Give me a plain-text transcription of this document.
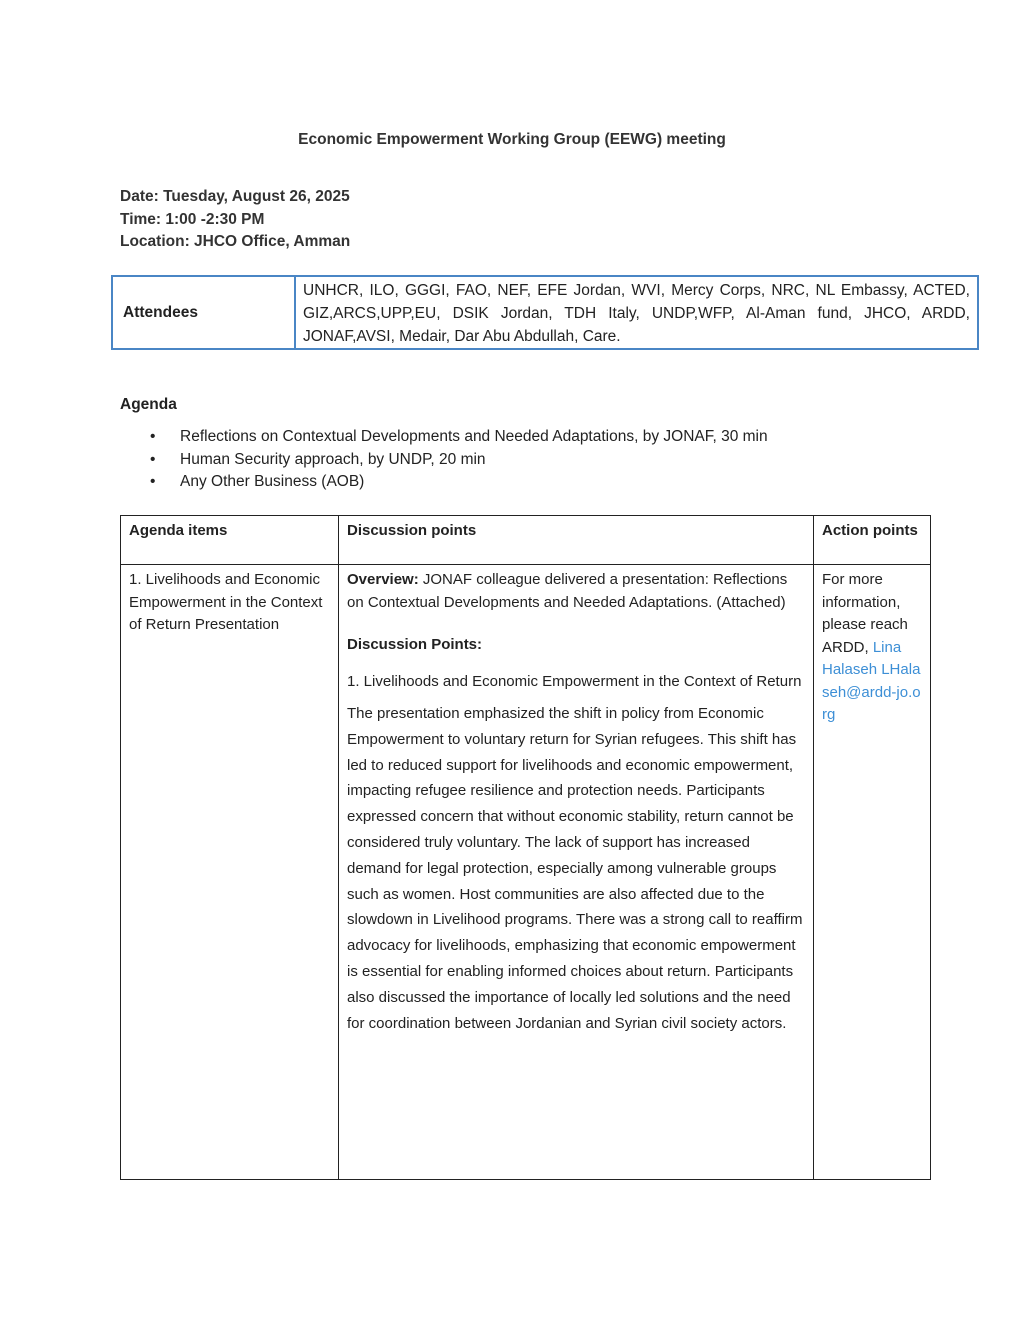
Economic Empowerment Working Group (EEWG) meeting
Date: Tuesday, August 26, 2025
Time: 1:00 -2:30 PM
Location: JHCO Office, Amman
Attendees
UNHCR, ILO, GGGI, FAO, NEF, EFE Jordan, WVI, Mercy Corps, NRC, NL Embassy, ACTED, GIZ,ARCS,UPP,EU, DSIK Jordan, TDH Italy, UNDP,WFP, Al-Aman fund, JHCO, ARDD, JONAF,AVSI, Medair, Dar Abu Abdullah, Care.
Agenda
• Reflections on Contextual Developments and Needed Adaptations, by JONAF, 30 min
• Human Security approach, by UNDP, 20 min
• Any Other Business (AOB)
Agenda items	Discussion points	Action points

1. Livelihoods and Economic Empowerment in the Context of Return Presentation	Overview: JONAF colleague delivered a presentation: Reflections on Contextual Developments and Needed Adaptations. (Attached)

Discussion Points:

1. Livelihoods and Economic Empowerment in the Context of Return

The presentation emphasized the shift in policy from Economic Empowerment to voluntary return for Syrian refugees. This shift has led to reduced support for livelihoods and economic empowerment, impacting refugee resilience and protection needs. Participants expressed concern that without economic stability, return cannot be considered truly voluntary. The lack of support has increased demand for legal protection, especially among vulnerable groups such as women. Host communities are also affected due to the slowdown in Livelihood programs. There was a strong call to reaffirm advocacy for livelihoods, emphasizing that economic empowerment is essential for enabling informed choices about return. Participants also discussed the importance of locally led solutions and the need for coordination between Jordanian and Syrian civil society actors.	For more information, please reach ARDD, Lina Halaseh LHalaseh@ardd-jo.org
